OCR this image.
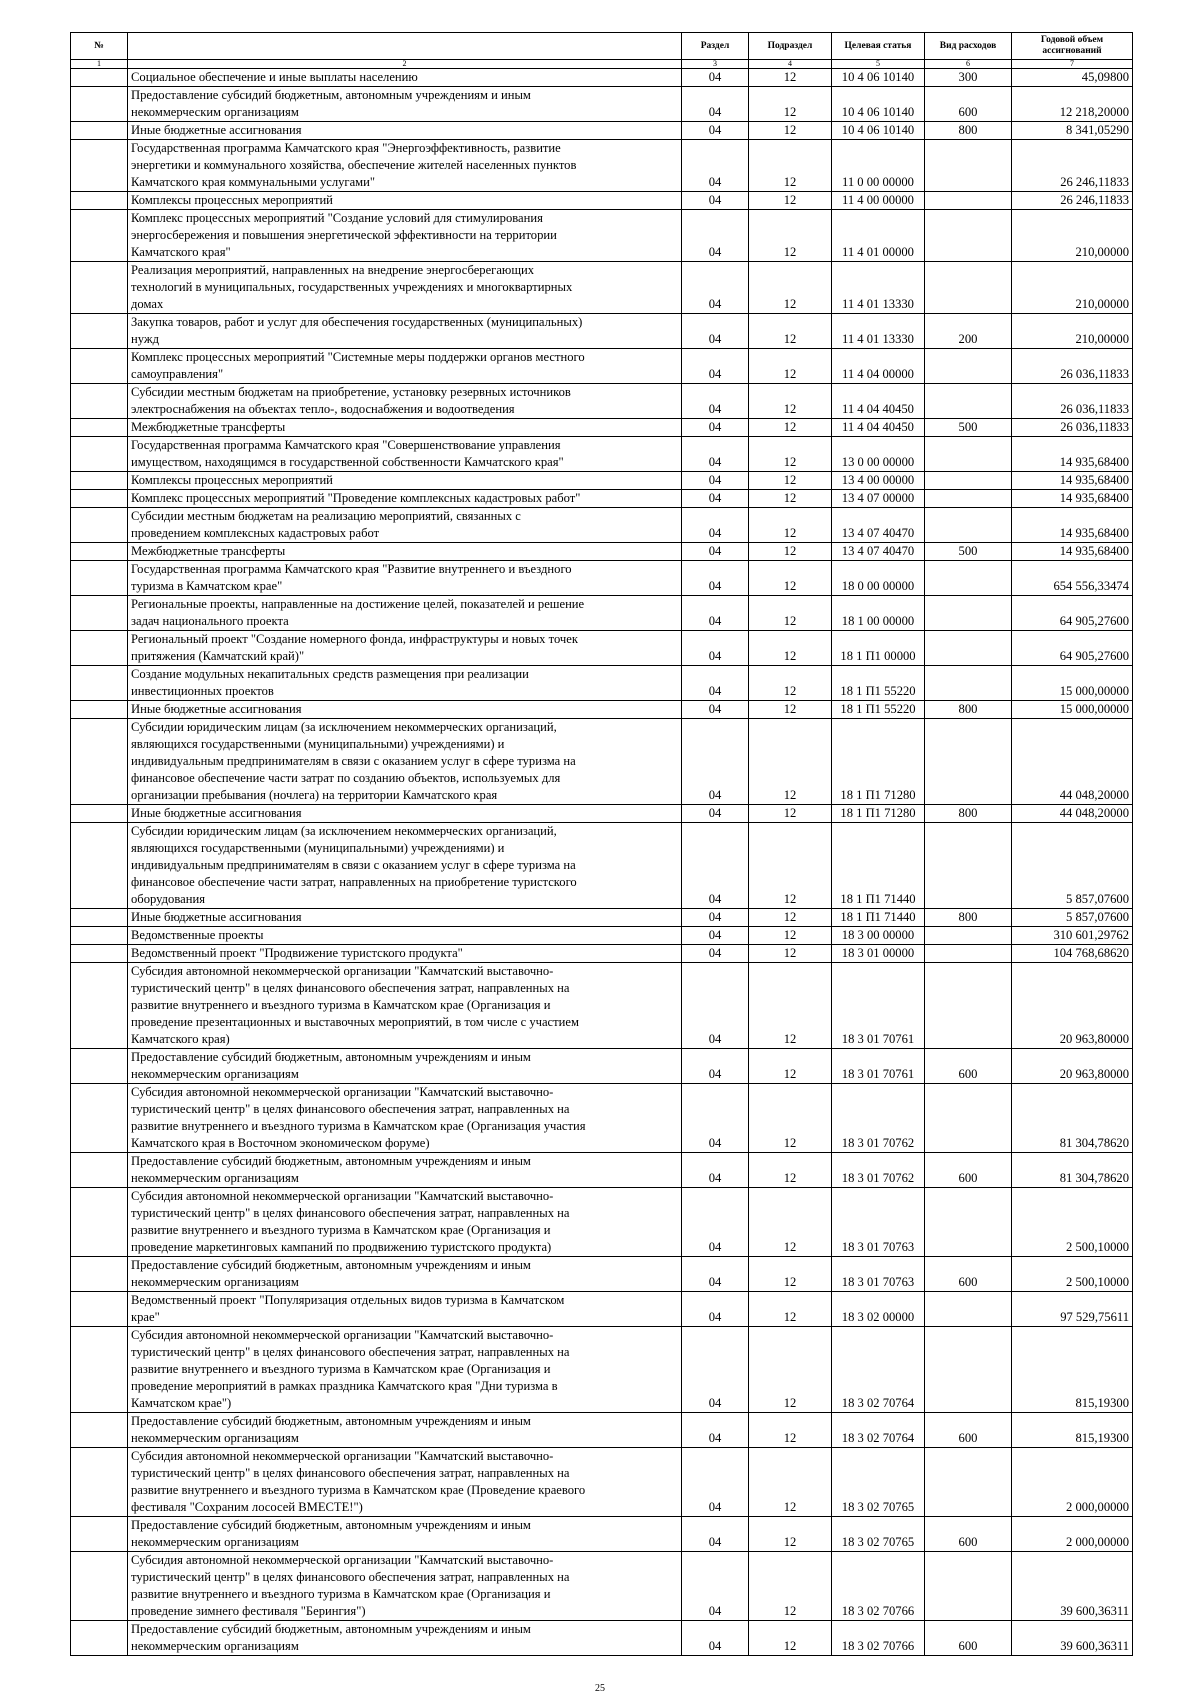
№		Раздел	Подраздел	Целевая статья	Вид расходов	Годовой объем ассигнований
1	2	3	4	5	6	7
	Социальное обеспечение и иные выплаты населению	04	12	10 4 06 10140	300	45,09800
	Предоставление субсидий бюджетным, автономным учреждениям и иным
некоммерческим организациям	04	12	10 4 06 10140	600	12 218,20000
	Иные бюджетные ассигнования	04	12	10 4 06 10140	800	8 341,05290
	Государственная программа Камчатского края "Энергоэффективность, развитие
энергетики и коммунального хозяйства, обеспечение жителей населенных пунктов
Камчатского края коммунальными услугами"	04	12	11 0 00 00000		26 246,11833
	Комплексы процессных мероприятий	04	12	11 4 00 00000		26 246,11833
	Комплекс процессных мероприятий "Создание условий для стимулирования
энергосбережения и повышения энергетической эффективности на территории
Камчатского края"	04	12	11 4 01 00000		210,00000
	Реализация мероприятий, направленных на внедрение энергосберегающих
технологий в муниципальных, государственных учреждениях и многоквартирных
домах	04	12	11 4 01 13330		210,00000
	Закупка товаров, работ и услуг для обеспечения государственных (муниципальных)
нужд	04	12	11 4 01 13330	200	210,00000
	Комплекс процессных мероприятий "Системные меры поддержки органов местного
самоуправления"	04	12	11 4 04 00000		26 036,11833
	Субсидии местным бюджетам на приобретение, установку резервных источников
электроснабжения на объектах тепло-, водоснабжения и водоотведения	04	12	11 4 04 40450		26 036,11833
	Межбюджетные трансферты	04	12	11 4 04 40450	500	26 036,11833
	Государственная программа Камчатского края "Совершенствование управления
имуществом, находящимся в государственной собственности Камчатского края"	04	12	13 0 00 00000		14 935,68400
	Комплексы процессных мероприятий	04	12	13 4 00 00000		14 935,68400
	Комплекс процессных мероприятий "Проведение комплексных кадастровых работ"	04	12	13 4 07 00000		14 935,68400
	Субсидии местным бюджетам на реализацию мероприятий, связанных с
проведением комплексных кадастровых работ	04	12	13 4 07 40470		14 935,68400
	Межбюджетные трансферты	04	12	13 4 07 40470	500	14 935,68400
	Государственная программа Камчатского края "Развитие внутреннего и въездного
туризма в Камчатском крае"	04	12	18 0 00 00000		654 556,33474
	Региональные проекты, направленные на достижение целей, показателей и решение
задач национального проекта	04	12	18 1 00 00000		64 905,27600
	Региональный проект "Создание номерного фонда, инфраструктуры и новых точек
притяжения (Камчатский край)"	04	12	18 1 П1 00000		64 905,27600
	Создание модульных некапитальных средств размещения при реализации
инвестиционных проектов	04	12	18 1 П1 55220		15 000,00000
	Иные бюджетные ассигнования	04	12	18 1 П1 55220	800	15 000,00000
	Субсидии юридическим лицам (за исключением некоммерческих организаций,
являющихся государственными (муниципальными) учреждениями) и
индивидуальным предпринимателям в связи с оказанием услуг в сфере туризма на
финансовое обеспечение части затрат по созданию объектов, используемых для
организации пребывания (ночлега) на территории Камчатского края	04	12	18 1 П1 71280		44 048,20000
	Иные бюджетные ассигнования	04	12	18 1 П1 71280	800	44 048,20000
	Субсидии юридическим лицам (за исключением некоммерческих организаций,
являющихся государственными (муниципальными) учреждениями) и
индивидуальным предпринимателям в связи с оказанием услуг в сфере туризма на
финансовое обеспечение части затрат, направленных на приобретение туристского
оборудования	04	12	18 1 П1 71440		5 857,07600
	Иные бюджетные ассигнования	04	12	18 1 П1 71440	800	5 857,07600
	Ведомственные проекты	04	12	18 3 00 00000		310 601,29762
	Ведомственный проект "Продвижение туристского продукта"	04	12	18 3 01 00000		104 768,68620
	Субсидия автономной некоммерческой организации "Камчатский выставочно-
туристический центр" в целях финансового обеспечения затрат, направленных на
развитие внутреннего и въездного туризма в Камчатском крае (Организация и
проведение презентационных и выставочных мероприятий, в том числе с участием
Камчатского края)	04	12	18 3 01 70761		20 963,80000
	Предоставление субсидий бюджетным, автономным учреждениям и иным
некоммерческим организациям	04	12	18 3 01 70761	600	20 963,80000
	Субсидия автономной некоммерческой организации "Камчатский выставочно-
туристический центр" в целях финансового обеспечения затрат, направленных на
развитие внутреннего и въездного туризма в Камчатском крае (Организация участия
Камчатского края в Восточном экономическом форуме)	04	12	18 3 01 70762		81 304,78620
	Предоставление субсидий бюджетным, автономным учреждениям и иным
некоммерческим организациям	04	12	18 3 01 70762	600	81 304,78620
	Субсидия автономной некоммерческой организации "Камчатский выставочно-
туристический центр" в целях финансового обеспечения затрат, направленных на
развитие внутреннего и въездного туризма в Камчатском крае (Организация и
проведение маркетинговых кампаний по продвижению туристского продукта)	04	12	18 3 01 70763		2 500,10000
	Предоставление субсидий бюджетным, автономным учреждениям и иным
некоммерческим организациям	04	12	18 3 01 70763	600	2 500,10000
	Ведомственный проект "Популяризация отдельных видов туризма в Камчатском
крае"	04	12	18 3 02 00000		97 529,75611
	Субсидия автономной некоммерческой организации "Камчатский выставочно-
туристический центр" в целях финансового обеспечения затрат, направленных на
развитие внутреннего и въездного туризма в Камчатском крае (Организация и
проведение мероприятий в рамках праздника Камчатского края "Дни туризма в
Камчатском крае")	04	12	18 3 02 70764		815,19300
	Предоставление субсидий бюджетным, автономным учреждениям и иным
некоммерческим организациям	04	12	18 3 02 70764	600	815,19300
	Субсидия автономной некоммерческой организации "Камчатский выставочно-
туристический центр" в целях финансового обеспечения затрат, направленных на
развитие внутреннего и въездного туризма в Камчатском крае (Проведение краевого
фестиваля "Сохраним лососей ВМЕСТЕ!")	04	12	18 3 02 70765		2 000,00000
	Предоставление субсидий бюджетным, автономным учреждениям и иным
некоммерческим организациям	04	12	18 3 02 70765	600	2 000,00000
	Субсидия автономной некоммерческой организации "Камчатский выставочно-
туристический центр" в целях финансового обеспечения затрат, направленных на
развитие внутреннего и въездного туризма в Камчатском крае (Организация и
проведение зимнего фестиваля "Берингия")	04	12	18 3 02 70766		39 600,36311
	Предоставление субсидий бюджетным, автономным учреждениям и иным
некоммерческим организациям	04	12	18 3 02 70766	600	39 600,36311
25
